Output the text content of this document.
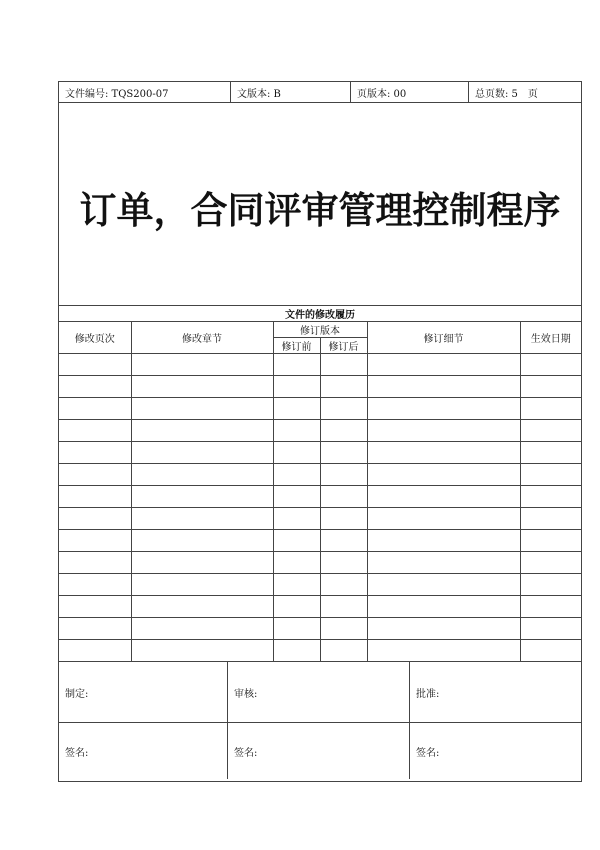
文件编号: TQS200-07	文版本: B	页版本: 00	总页数: 5　页
订单，合同评审管理控制程序
文件的修改履历					
修改页次	修改章节	修订版本		修订细节	生效日期
		修订前	修订后		

制定:	审核:	批准:
签名:	签名:	签名:
